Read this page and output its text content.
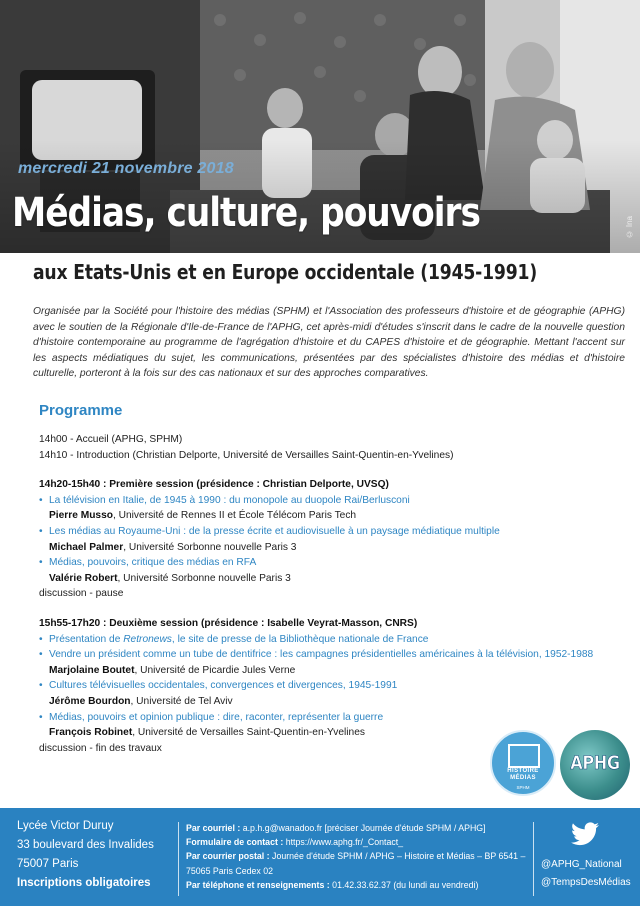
mercredi 21 novembre 2018
Médias, culture, pouvoirs	© Ina
aux Etats-Unis et en Europe occidentale (1945-1991)
Organisée par la Société pour l'histoire des médias (SPHM) et l'Association des professeurs d'histoire et de géographie (APHG) avec le soutien de la Régionale d'Ile-de-France de l'APHG, cet après-midi d'études s'inscrit dans le cadre de la nouvelle question d'histoire contemporaine au programme de l'agrégation d'histoire et du CAPES d'histoire et de géographie. Mettant l'accent sur les aspects médiatiques du sujet, les communications, présentées par des spécialistes d'histoire des médias et d'histoire culturelle, porteront à la fois sur des cas nationaux et sur des approches comparatives.
Programme
14h00 - Accueil (APHG, SPHM)
14h10 - Introduction (Christian Delporte, Université de Versailles Saint-Quentin-en-Yvelines)
14h20-15h40 : Première session (présidence : Christian Delporte, UVSQ)
• La télévision en Italie, de 1945 à 1990 : du monopole au duopole Rai/Berlusconi
Pierre Musso, Université de Rennes II et École Télécom Paris Tech
• Les médias au Royaume-Uni : de la presse écrite et audiovisuelle à un paysage médiatique multiple
Michael Palmer, Université Sorbonne nouvelle Paris 3
• Médias, pouvoirs, critique des médias en RFA
Valérie Robert, Université Sorbonne nouvelle Paris 3
discussion - pause
15h55-17h20 : Deuxième session (présidence : Isabelle Veyrat-Masson, CNRS)
• Présentation de Retronews, le site de presse de la Bibliothèque nationale de France
• Vendre un président comme un tube de dentifrice : les campagnes présidentielles américaines à la télévision, 1952-1988
Marjolaine Boutet, Université de Picardie Jules Verne
• Cultures télévisuelles occidentales, convergences et divergences, 1945-1991
Jérôme Bourdon, Université de Tel Aviv
• Médias, pouvoirs et opinion publique : dire, raconter, représenter la guerre
François Robinet, Université de Versailles Saint-Quentin-en-Yvelines
discussion - fin des travaux
HISTOIRE
MÉDIAS
SPHM
APHG
Lycée Victor Duruy
33 boulevard des Invalides
75007 Paris
Inscriptions obligatoires
Par courriel : a.p.h.g@wanadoo.fr [préciser Journée d'étude SPHM / APHG]
Formulaire de contact : https://www.aphg.fr/_Contact_
Par courrier postal : Journée d'étude SPHM / APHG – Histoire et Médias – BP 6541 – 75065 Paris Cedex 02
Par téléphone et renseignements : 01.42.33.62.37 (du lundi au vendredi)
@APHG_National
@TempsDesMédias
